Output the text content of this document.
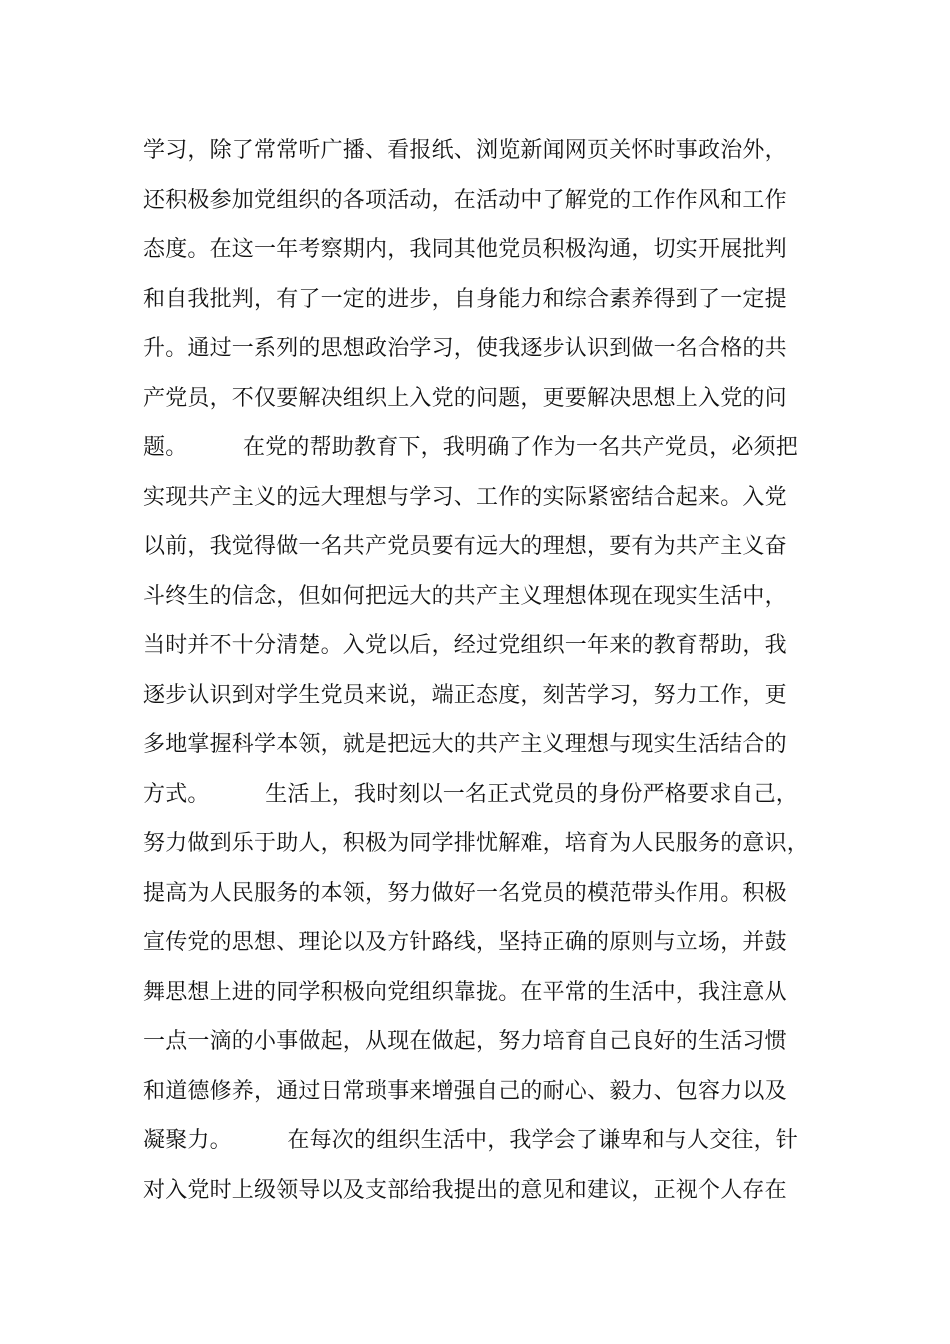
学习，除了常常听广播、看报纸、浏览新闻网页关怀时事政治外，
还积极参加党组织的各项活动，在活动中了解党的工作作风和工作
态度。在这一年考察期内，我同其他党员积极沟通，切实开展批判
和自我批判，有了一定的进步，自身能力和综合素养得到了一定提
升。通过一系列的思想政治学习，使我逐步认识到做一名合格的共
产党员，不仅要解决组织上入党的问题，更要解决思想上入党的问
题。　　　在党的帮助教育下，我明确了作为一名共产党员，必须把
实现共产主义的远大理想与学习、工作的实际紧密结合起来。入党
以前，我觉得做一名共产党员要有远大的理想，要有为共产主义奋
斗终生的信念，但如何把远大的共产主义理想体现在现实生活中，
当时并不十分清楚。入党以后，经过党组织一年来的教育帮助，我
逐步认识到对学生党员来说，端正态度，刻苦学习，努力工作，更
多地掌握科学本领，就是把远大的共产主义理想与现实生活结合的
方式。　　　生活上，我时刻以一名正式党员的身份严格要求自己，
努力做到乐于助人，积极为同学排忧解难，培育为人民服务的意识，
提高为人民服务的本领，努力做好一名党员的模范带头作用。积极
宣传党的思想、理论以及方针路线，坚持正确的原则与立场，并鼓
舞思想上进的同学积极向党组织靠拢。在平常的生活中，我注意从
一点一滴的小事做起，从现在做起，努力培育自己良好的生活习惯
和道德修养，通过日常琐事来增强自己的耐心、毅力、包容力以及
凝聚力。　　　在每次的组织生活中，我学会了谦卑和与人交往，针
对入党时上级领导以及支部给我提出的意见和建议，正视个人存在
